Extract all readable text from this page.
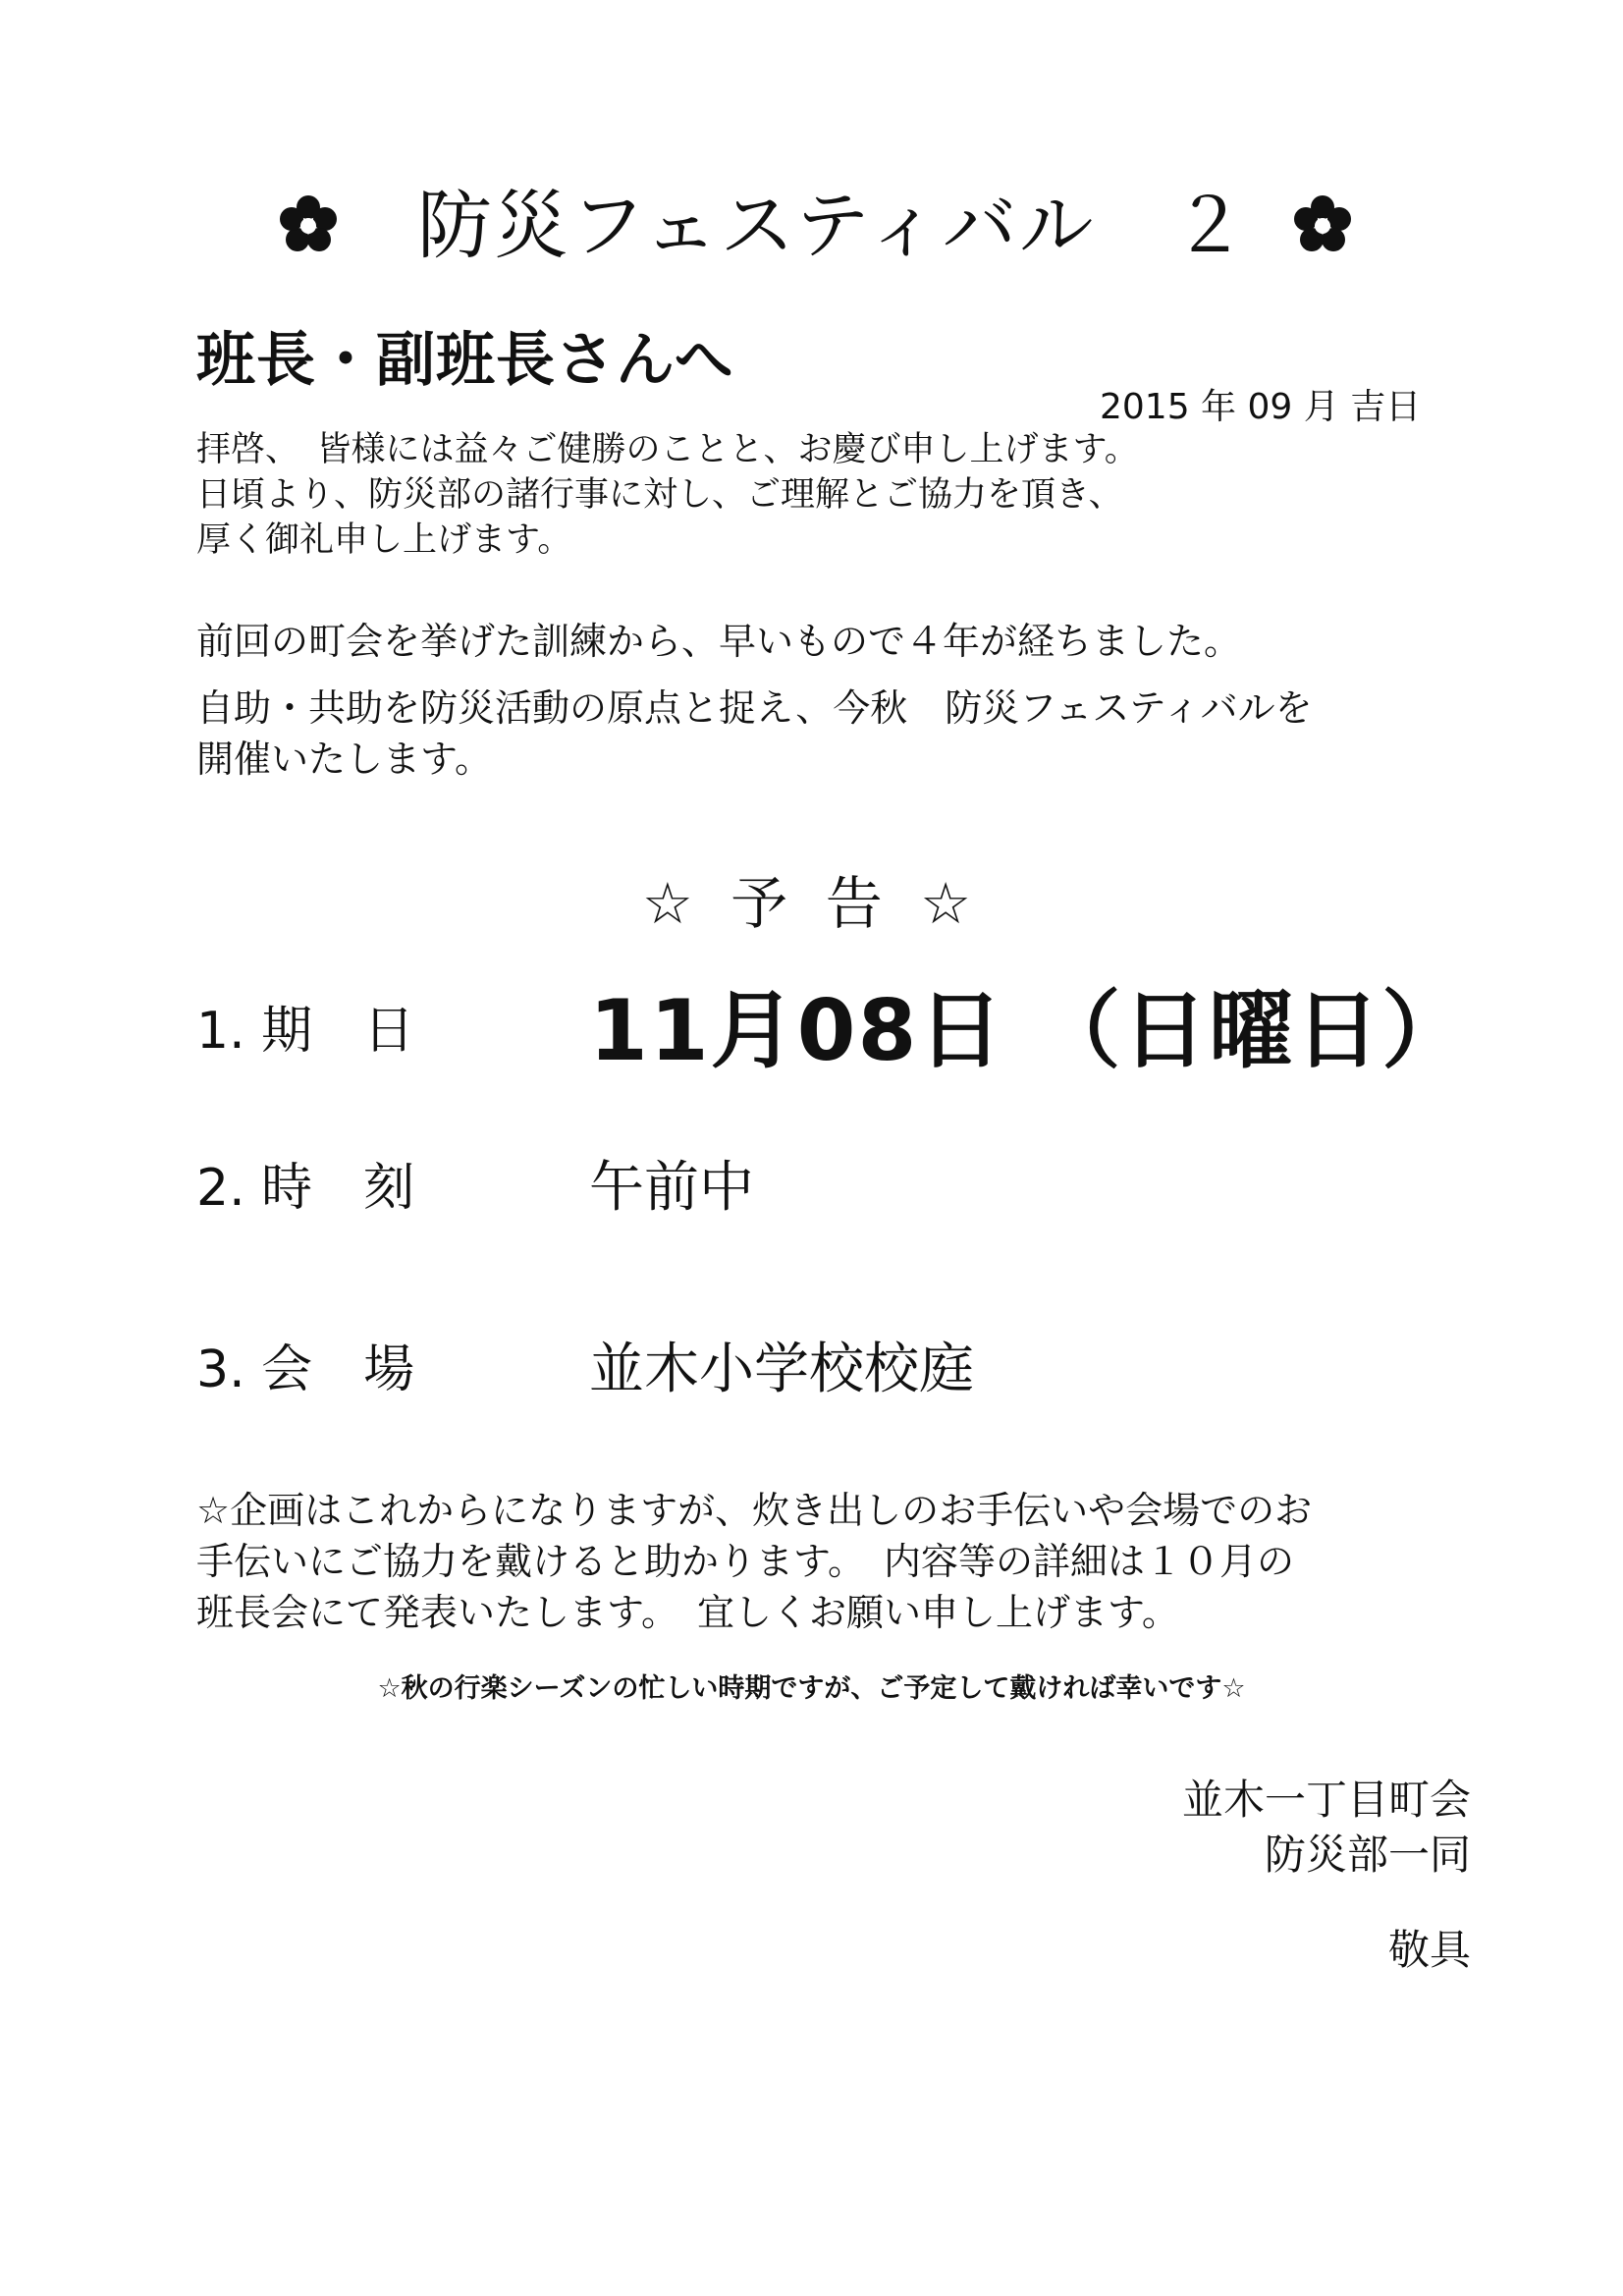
防災フェスティバル　２
班長・副班長さんへ
2015 年 09 月 吉日
拝啓、　皆様には益々ご健勝のことと、お慶び申し上げます。
日頃より、防災部の諸行事に対し、ご理解とご協力を頂き、
厚く御礼申し上げます。
前回の町会を挙げた訓練から、早いもので４年が経ちました。
自助・共助を防災活動の原点と捉え、今秋　防災フェスティバルを
開催いたします。
☆ 予 告 ☆
1. 期　日 11月08日 （日曜日）
2. 時　刻	午前中
3. 会　場	並木小学校校庭
☆企画はこれからになりますが、炊き出しのお手伝いや会場でのお
手伝いにご協力を戴けると助かります。　内容等の詳細は１０月の
班長会にて発表いたします。　宜しくお願い申し上げます。
☆秋の行楽シーズンの忙しい時期ですが、ご予定して戴ければ幸いです☆
並木一丁目町会
防災部一同
敬具
